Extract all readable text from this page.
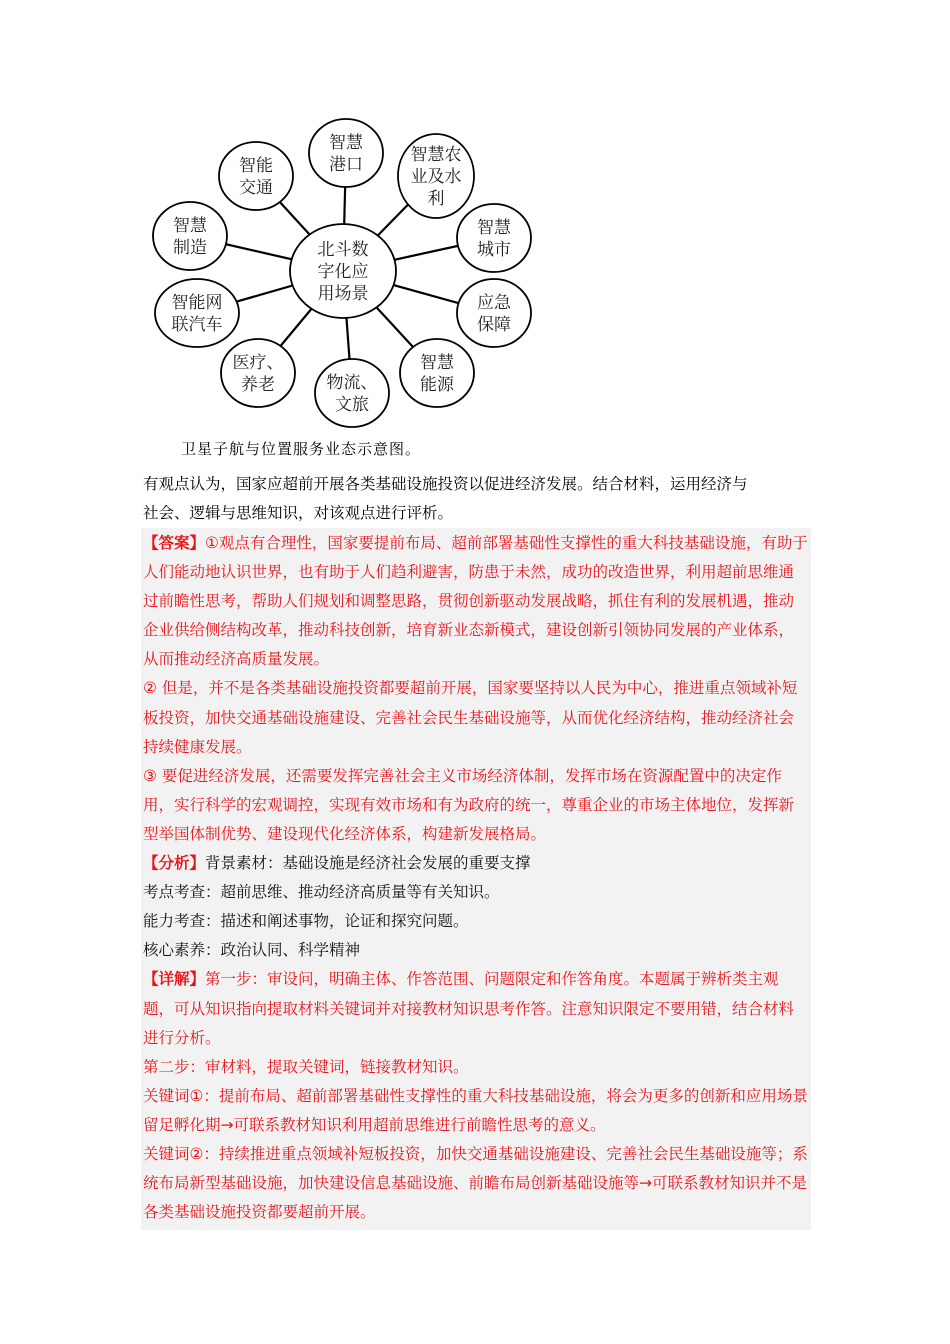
智慧
港口	智慧农
业及水
利
智慧
城市
应急
保障
智慧
能源
物流、
文旅
医疗、
养老
智能网
联汽车
智慧
制造
智能
交通
北斗数
字化应
用场景
卫星子航与位置服务业态示意图。

有观点认为，国家应超前开展各类基础设施投资以促进经济发展。结合材料，运用经济与

社会、逻辑与思维知识，对该观点进行评析。

【答案】①观点有合理性，国家要提前布局、超前部署基础性支撑性的重大科技基础设施，有助于人们能动地认识世界，也有助于人们趋利避害，防患于未然，成功的改造世界，利用超前思维通过前瞻性思考，帮助人们规划和调整思路，贯彻创新驱动发展战略，抓住有利的发展机遇，推动企业供给侧结构改革，推动科技创新，培育新业态新模式，建设创新引领协同发展的产业体系，从而推动经济高质量发展。

② 但是，并不是各类基础设施投资都要超前开展，国家要坚持以人民为中心，推进重点领域补短板投资，加快交通基础设施建设、完善社会民生基础设施等，从而优化经济结构，推动经济社会持续健康发展。

③ 要促进经济发展，还需要发挥完善社会主义市场经济体制，发挥市场在资源配置中的决定作用，实行科学的宏观调控，实现有效市场和有为政府的统一，尊重企业的市场主体地位，发挥新型举国体制优势、建设现代化经济体系，构建新发展格局。

【分析】背景素材：基础设施是经济社会发展的重要支撑

考点考查：超前思维、推动经济高质量等有关知识。

能力考查：描述和阐述事物，论证和探究问题。

核心素养：政治认同、科学精神

【详解】第一步：审设问，明确主体、作答范围、问题限定和作答角度。本题属于辨析类主观题，可从知识指向提取材料关键词并对接教材知识思考作答。注意知识限定不要用错，结合材料进行分析。

第二步：审材料，提取关键词，链接教材知识。

关键词①：提前布局、超前部署基础性支撑性的重大科技基础设施，将会为更多的创新和应用场景留足孵化期→可联系教材知识利用超前思维进行前瞻性思考的意义。

关键词②：持续推进重点领域补短板投资，加快交通基础设施建设、完善社会民生基础设施等；系统布局新型基础设施，加快建设信息基础设施、前瞻布局创新基础设施等→可联系教材知识并不是各类基础设施投资都要超前开展。
